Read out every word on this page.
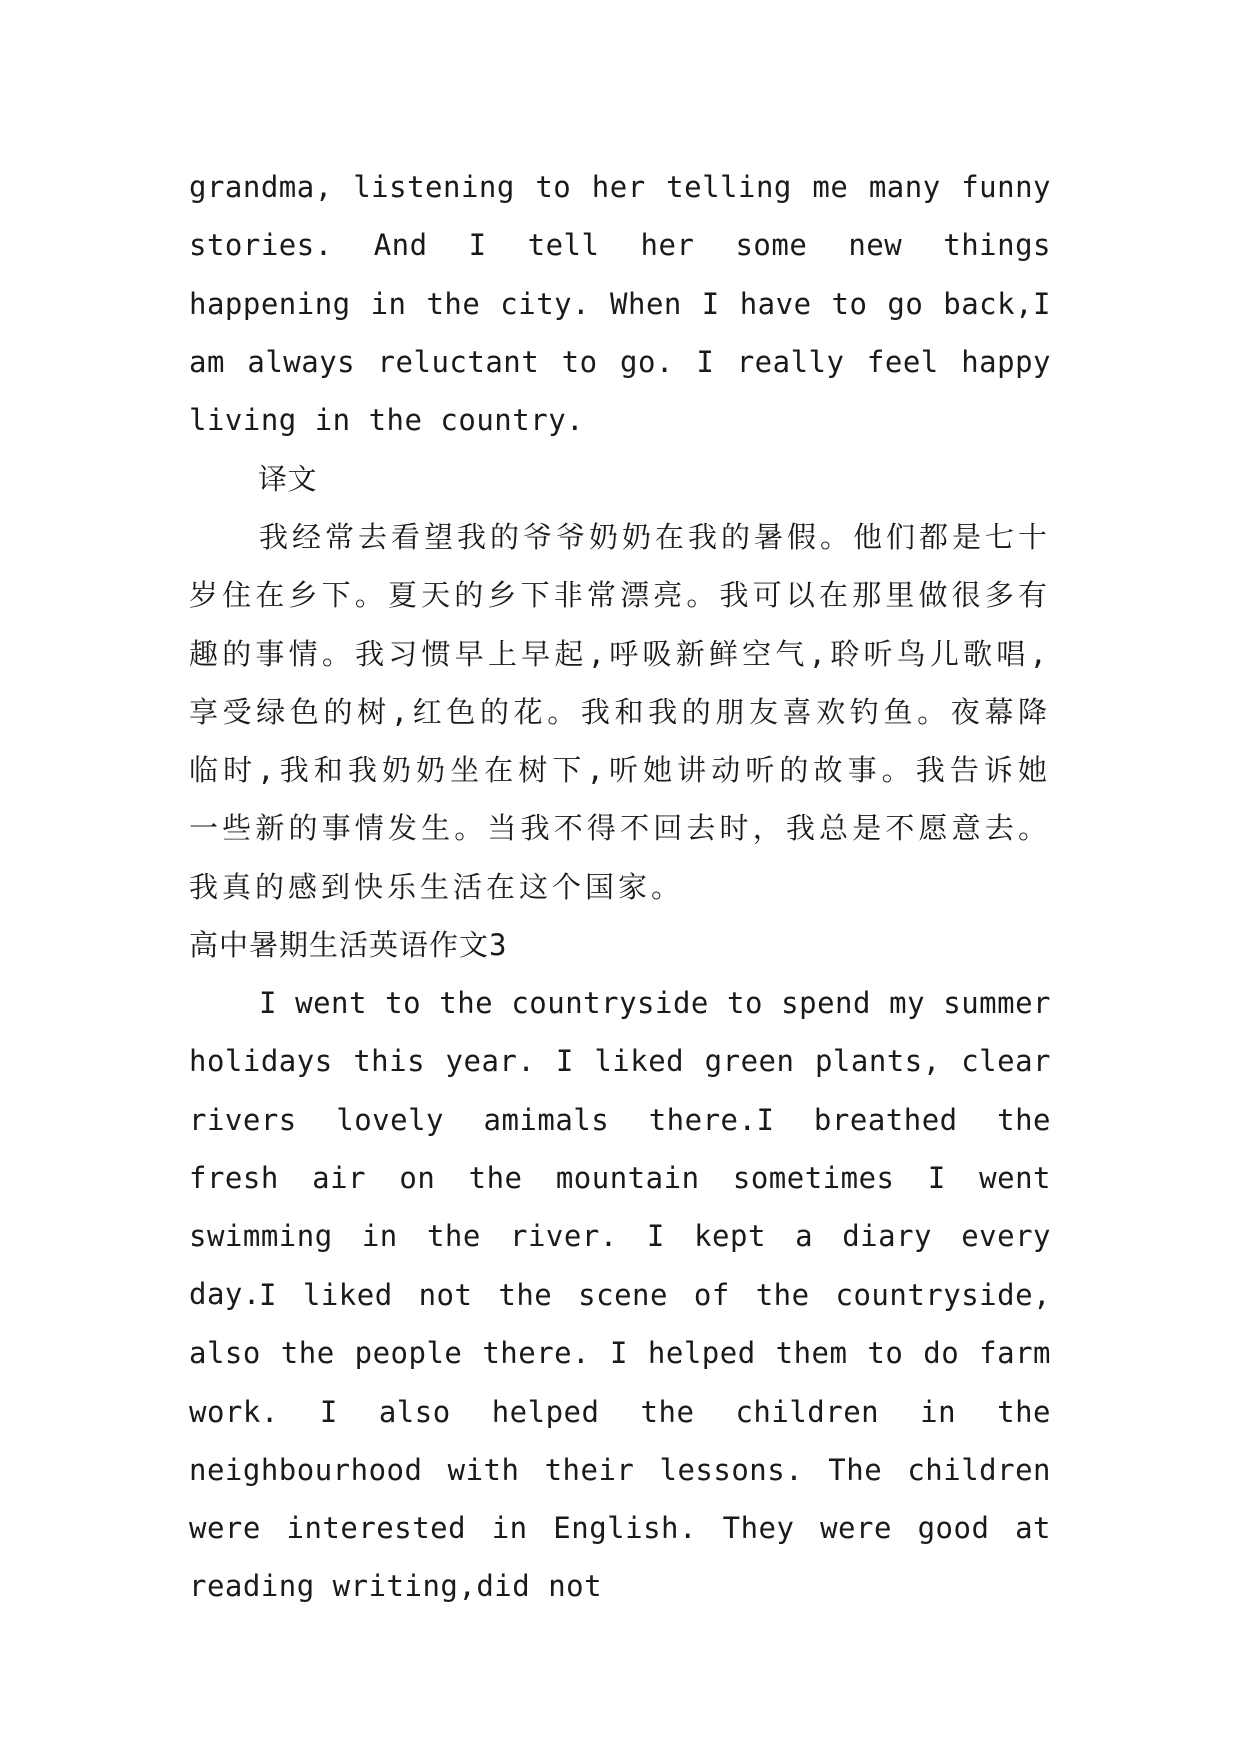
grandma, listening to her telling me many funny stories. And I tell her some new things happening in the city. When I have to go back,I am always reluctant to go. I really feel happy living in the country.

译文

我经常去看望我的爷爷奶奶在我的暑假。他们都是七十岁住在乡下。夏天的乡下非常漂亮。我可以在那里做很多有趣的事情。我习惯早上早起,呼吸新鲜空气,聆听鸟儿歌唱,享受绿色的树,红色的花。我和我的朋友喜欢钓鱼。夜幕降临时,我和我奶奶坐在树下,听她讲动听的故事。我告诉她一些新的事情发生。当我不得不回去时，我总是不愿意去。我真的感到快乐生活在这个国家。

高中暑期生活英语作文3

I went to the countryside to spend my summer holidays this year. I liked green plants, clear rivers lovely amimals there.I breathed the fresh air on the mountain sometimes I went swimming in the river. I kept a diary every day.

I liked not the scene of the countryside, also the people there. I helped them to do farm work. I also helped the children in the neighbourhood with their lessons. The children were interested in English. They were good at reading writing,did not
